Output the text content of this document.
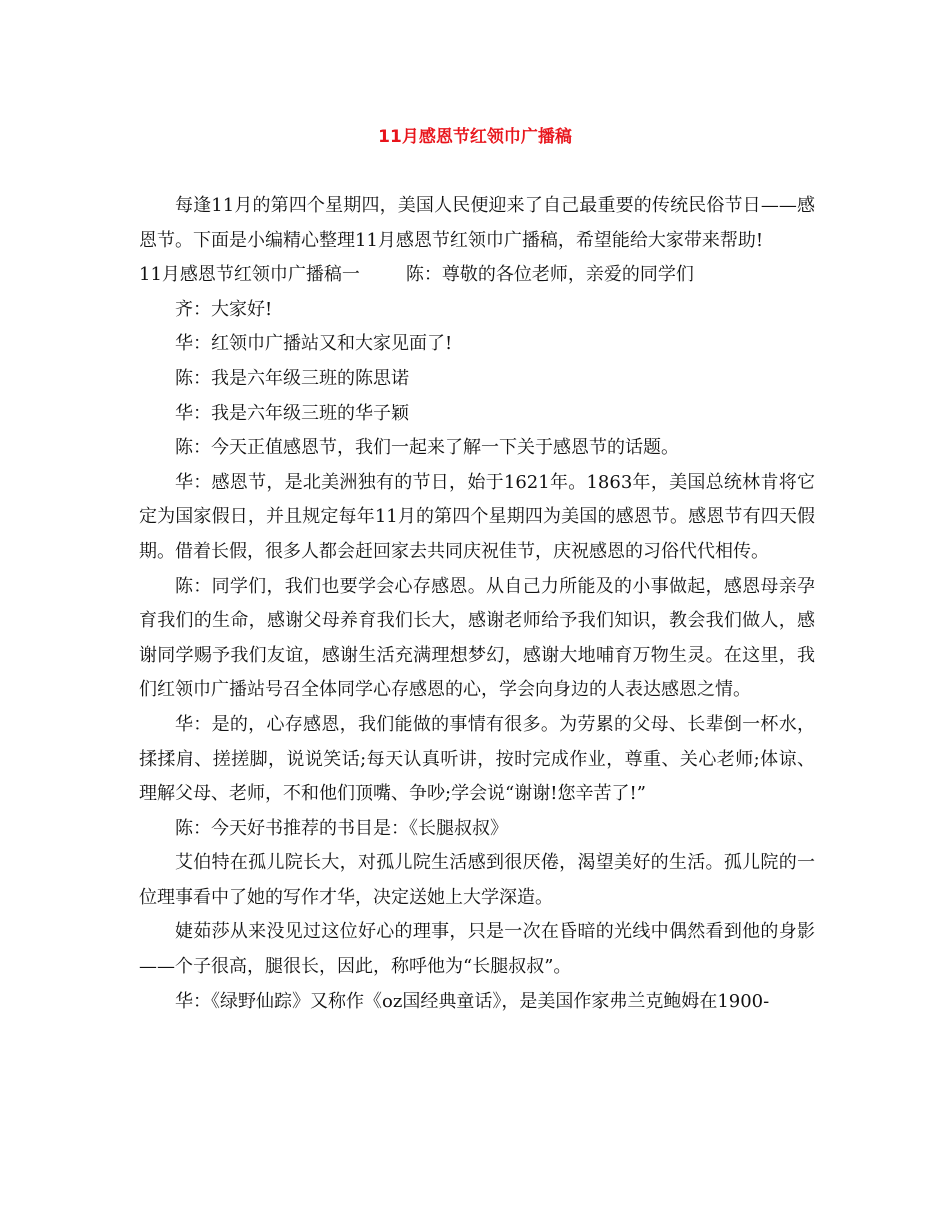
11月感恩节红领巾广播稿

每逢11月的第四个星期四，美国人民便迎来了自己最重要的传统民俗节日——感恩节。下面是小编精心整理11月感恩节红领巾广播稿，希望能给大家带来帮助!

11月感恩节红领巾广播稿一	陈：尊敬的各位老师，亲爱的同学们

齐：大家好!

华：红领巾广播站又和大家见面了!

陈：我是六年级三班的陈思诺

华：我是六年级三班的华子颖

陈：今天正值感恩节，我们一起来了解一下关于感恩节的话题。

华：感恩节，是北美洲独有的节日，始于1621年。1863年，美国总统林肯将它定为国家假日，并且规定每年11月的第四个星期四为美国的感恩节。感恩节有四天假期。借着长假，很多人都会赶回家去共同庆祝佳节，庆祝感恩的习俗代代相传。

陈：同学们，我们也要学会心存感恩。从自己力所能及的小事做起，感恩母亲孕育我们的生命，感谢父母养育我们长大，感谢老师给予我们知识，教会我们做人，感谢同学赐予我们友谊，感谢生活充满理想梦幻，感谢大地哺育万物生灵。在这里，我们红领巾广播站号召全体同学心存感恩的心，学会向身边的人表达感恩之情。

华：是的，心存感恩，我们能做的事情有很多。为劳累的父母、长辈倒一杯水，揉揉肩、搓搓脚，说说笑话;每天认真听讲，按时完成作业，尊重、关心老师;体谅、理解父母、老师，不和他们顶嘴、争吵;学会说“谢谢!您辛苦了!”

陈：今天好书推荐的书目是：《长腿叔叔》

艾伯特在孤儿院长大，对孤儿院生活感到很厌倦，渴望美好的生活。孤儿院的一位理事看中了她的写作才华，决定送她上大学深造。

婕茹莎从来没见过这位好心的理事，只是一次在昏暗的光线中偶然看到他的身影——个子很高，腿很长，因此，称呼他为“长腿叔叔”。

华：《绿野仙踪》又称作《oz国经典童话》，是美国作家弗兰克鲍姆在1900-
